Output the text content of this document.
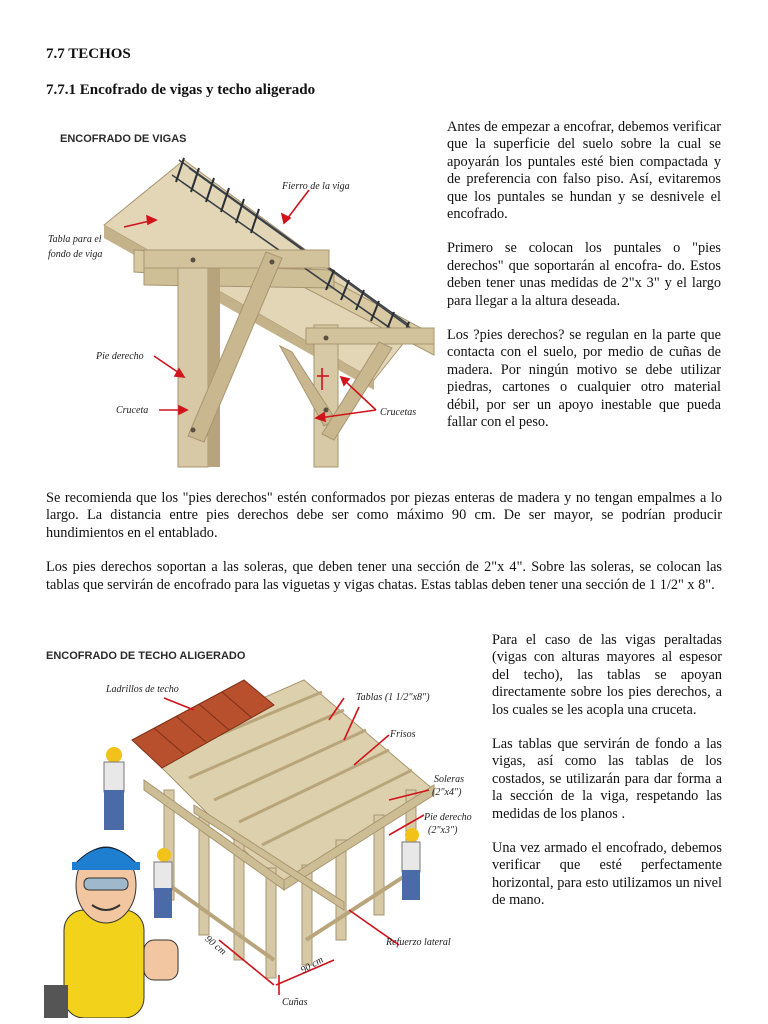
7.7 TECHOS
7.7.1 Encofrado de vigas y techo aligerado
ENCOFRADO DE VIGAS
Fierro de la viga
Tabla para el
fondo de viga
Pie derecho
Cruceta	Crucetas

Antes de empezar a encofrar, debemos verificar que la superficie del suelo sobre la cual se apoyarán los puntales esté bien compactada y de preferencia con falso piso. Así, evitaremos que los puntales se hundan y se desnivele el encofrado.

Primero se colocan los puntales o "pies derechos" que soportarán al encofra- do. Estos deben tener unas medidas de 2"x 3" y el largo para llegar a la altura deseada.

Los ?pies derechos? se regulan en la parte que contacta con el suelo, por medio de cuñas de madera. Por ningún motivo se debe utilizar piedras, cartones o cualquier otro material débil, por ser un apoyo inestable que pueda fallar con el peso.

Se recomienda que los "pies derechos" estén conformados por piezas enteras de madera y no tengan empalmes a lo largo. La distancia entre pies derechos debe ser como máximo 90 cm. De ser mayor, se podrían producir hundimientos en el entablado.

Los pies derechos soportan a las soleras, que deben tener una sección de 2"x 4". Sobre las soleras, se colocan las tablas que servirán de encofrado para las viguetas y vigas chatas. Estas tablas deben tener una sección de 1 1/2" x 8".

ENCOFRADO DE TECHO ALIGERADO
Ladrillos de techo
Tablas (1 1/2"x8")
Frisos
Soleras
(2"x4")
Pie derecho
(2"x3")
Refuerzo lateral
90 cm
90 cm
Cuñas

Para el caso de las vigas peraltadas (vigas con alturas mayores al espesor del techo), las tablas se apoyan directamente sobre los pies derechos, a los cuales se les acopla una cruceta.

Las tablas que servirán de fondo a las vigas, así como las tablas de los costados, se utilizarán para dar forma a la sección de la viga, respetando las medidas de los planos .

Una vez armado el encofrado, debemos verificar que esté perfectamente horizontal, para esto utilizamos un nivel de mano.
